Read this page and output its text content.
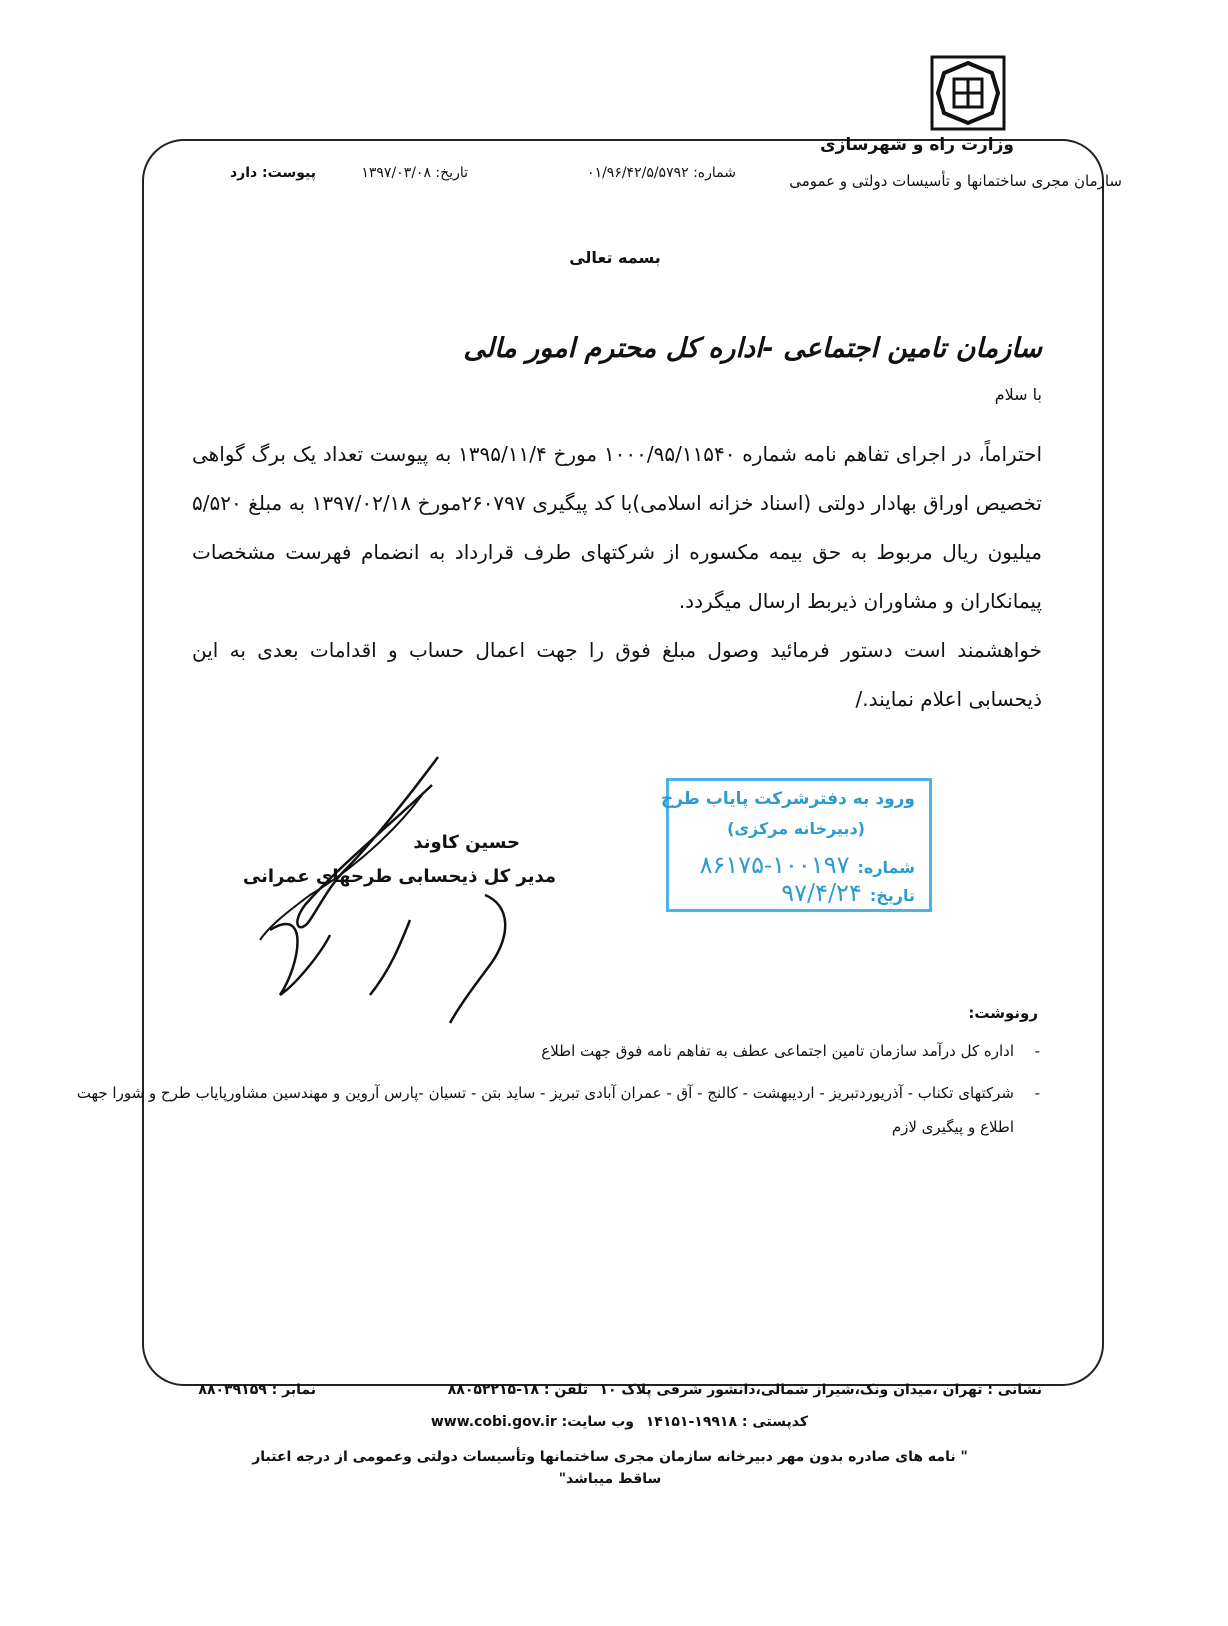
وزارت راه و شهرسازی
سازمان مجری ساختمانها و تأسیسات دولتی و عمومی
شماره: ۰۱/۹۶/۴۲/۵/۵۷۹۲
تاریخ: ۱۳۹۷/۰۳/۰۸
پیوست: دارد
بسمه تعالی
سازمان تامین اجتماعی -اداره کل محترم امور مالی
با سلام

احتراماً، در اجرای تفاهم نامه شماره ۱۰۰۰/۹۵/۱۱۵۴۰ مورخ ۱۳۹۵/۱۱/۴ به پیوست تعداد یک برگ گواهی تخصیص اوراق بهادار دولتی (اسناد خزانه اسلامی)با کد پیگیری ۲۶۰۷۹۷مورخ ۱۳۹۷/۰۲/۱۸ به مبلغ ۵/۵۲۰ میلیون ریال مربوط به حق بیمه مکسوره از شرکتهای طرف قرارداد به انضمام فهرست مشخصات پیمانکاران و مشاوران ذیربط ارسال میگردد.

خواهشمند است دستور فرمائید وصول مبلغ فوق را جهت اعمال حساب و اقدامات بعدی به این ذیحسابی اعلام نمایند./

ورود به دفترشرکت پایاب طرح
(دبیرخانه مرکزی)
شماره:۱۰۰۱۹۷-۸۶۱۷۵
تاریخ:۹۷/۴/۲۴
حسین کاوند
مدیر کل ذیحسابی طرحهای عمرانی
رونوشت:
-
اداره کل درآمد سازمان تامین اجتماعی عطف به تفاهم نامه فوق جهت اطلاع
-
شرکتهای تکناب - آذریوردتبریز - اردیبهشت - کالنج - آق - عمران آبادی تبریز - ساید بتن - تسیان -پارس آروین و مهندسین مشاورپایاب طرح و شورا جهت اطلاع و پیگیری لازم
نشانی : تهران ،میدان ونک،شیراز شمالی،دانشور شرقی پلاک ۱۰
کدپستی : ۱۹۹۱۸-۱۴۱۵۱
تلفن : ۱۸-۸۸۰۵۲۲۱۵
وب سایت: www.cobi.gov.ir
نمابر : ۸۸۰۳۹۱۵۹
" نامه های صادره بدون مهر دبیرخانه سازمان مجری ساختمانها وتأسیسات دولتی وعمومی از درجه اعتبار ساقط میباشد"
